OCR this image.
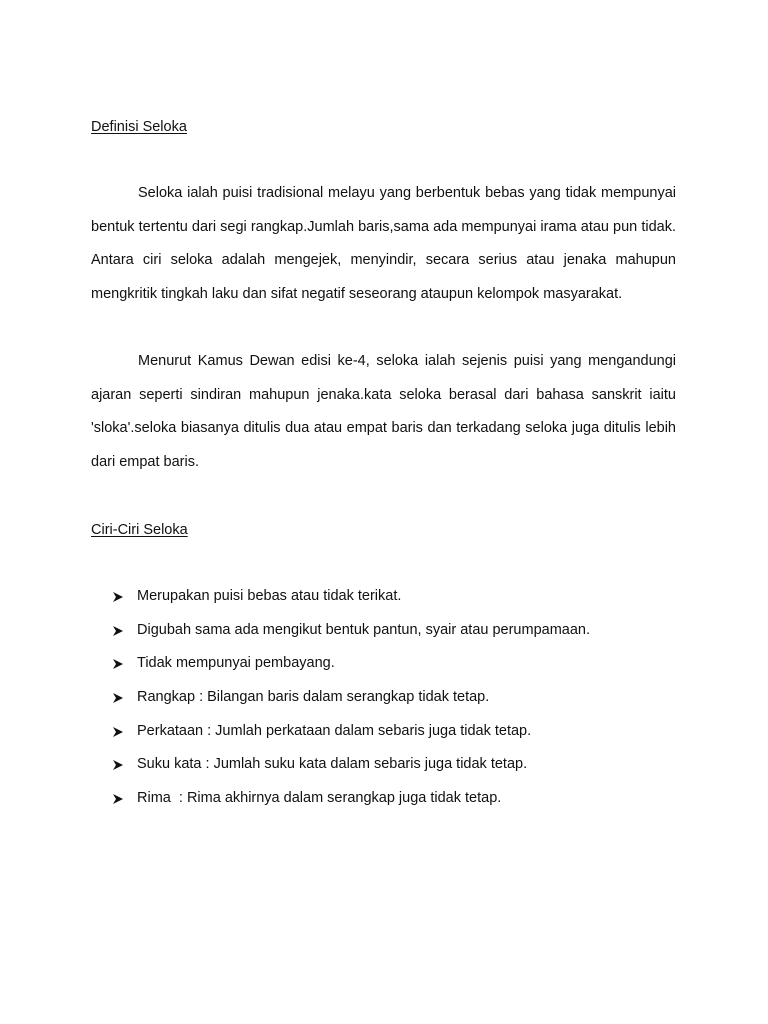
Definisi Seloka

Seloka ialah puisi tradisional melayu yang berbentuk bebas yang tidak mempunyai bentuk tertentu dari segi rangkap.Jumlah baris,sama ada mempunyai irama atau pun tidak. Antara ciri seloka adalah mengejek, menyindir, secara serius atau jenaka mahupun mengkritik tingkah laku dan sifat negatif seseorang ataupun kelompok masyarakat.

Menurut Kamus Dewan edisi ke-4, seloka ialah sejenis puisi yang mengandungi ajaran seperti sindiran mahupun jenaka.kata seloka berasal dari bahasa sanskrit iaitu 'sloka'.seloka biasanya ditulis dua atau empat baris dan terkadang seloka juga ditulis lebih dari empat baris.

Ciri-Ciri Seloka
Merupakan puisi bebas atau tidak terikat.
Digubah sama ada mengikut bentuk pantun, syair atau perumpamaan.
Tidak mempunyai pembayang.
Rangkap : Bilangan baris dalam serangkap tidak tetap.
Perkataan : Jumlah perkataan dalam sebaris juga tidak tetap.
Suku kata : Jumlah suku kata dalam sebaris juga tidak tetap.
Rima  : Rima akhirnya dalam serangkap juga tidak tetap.
